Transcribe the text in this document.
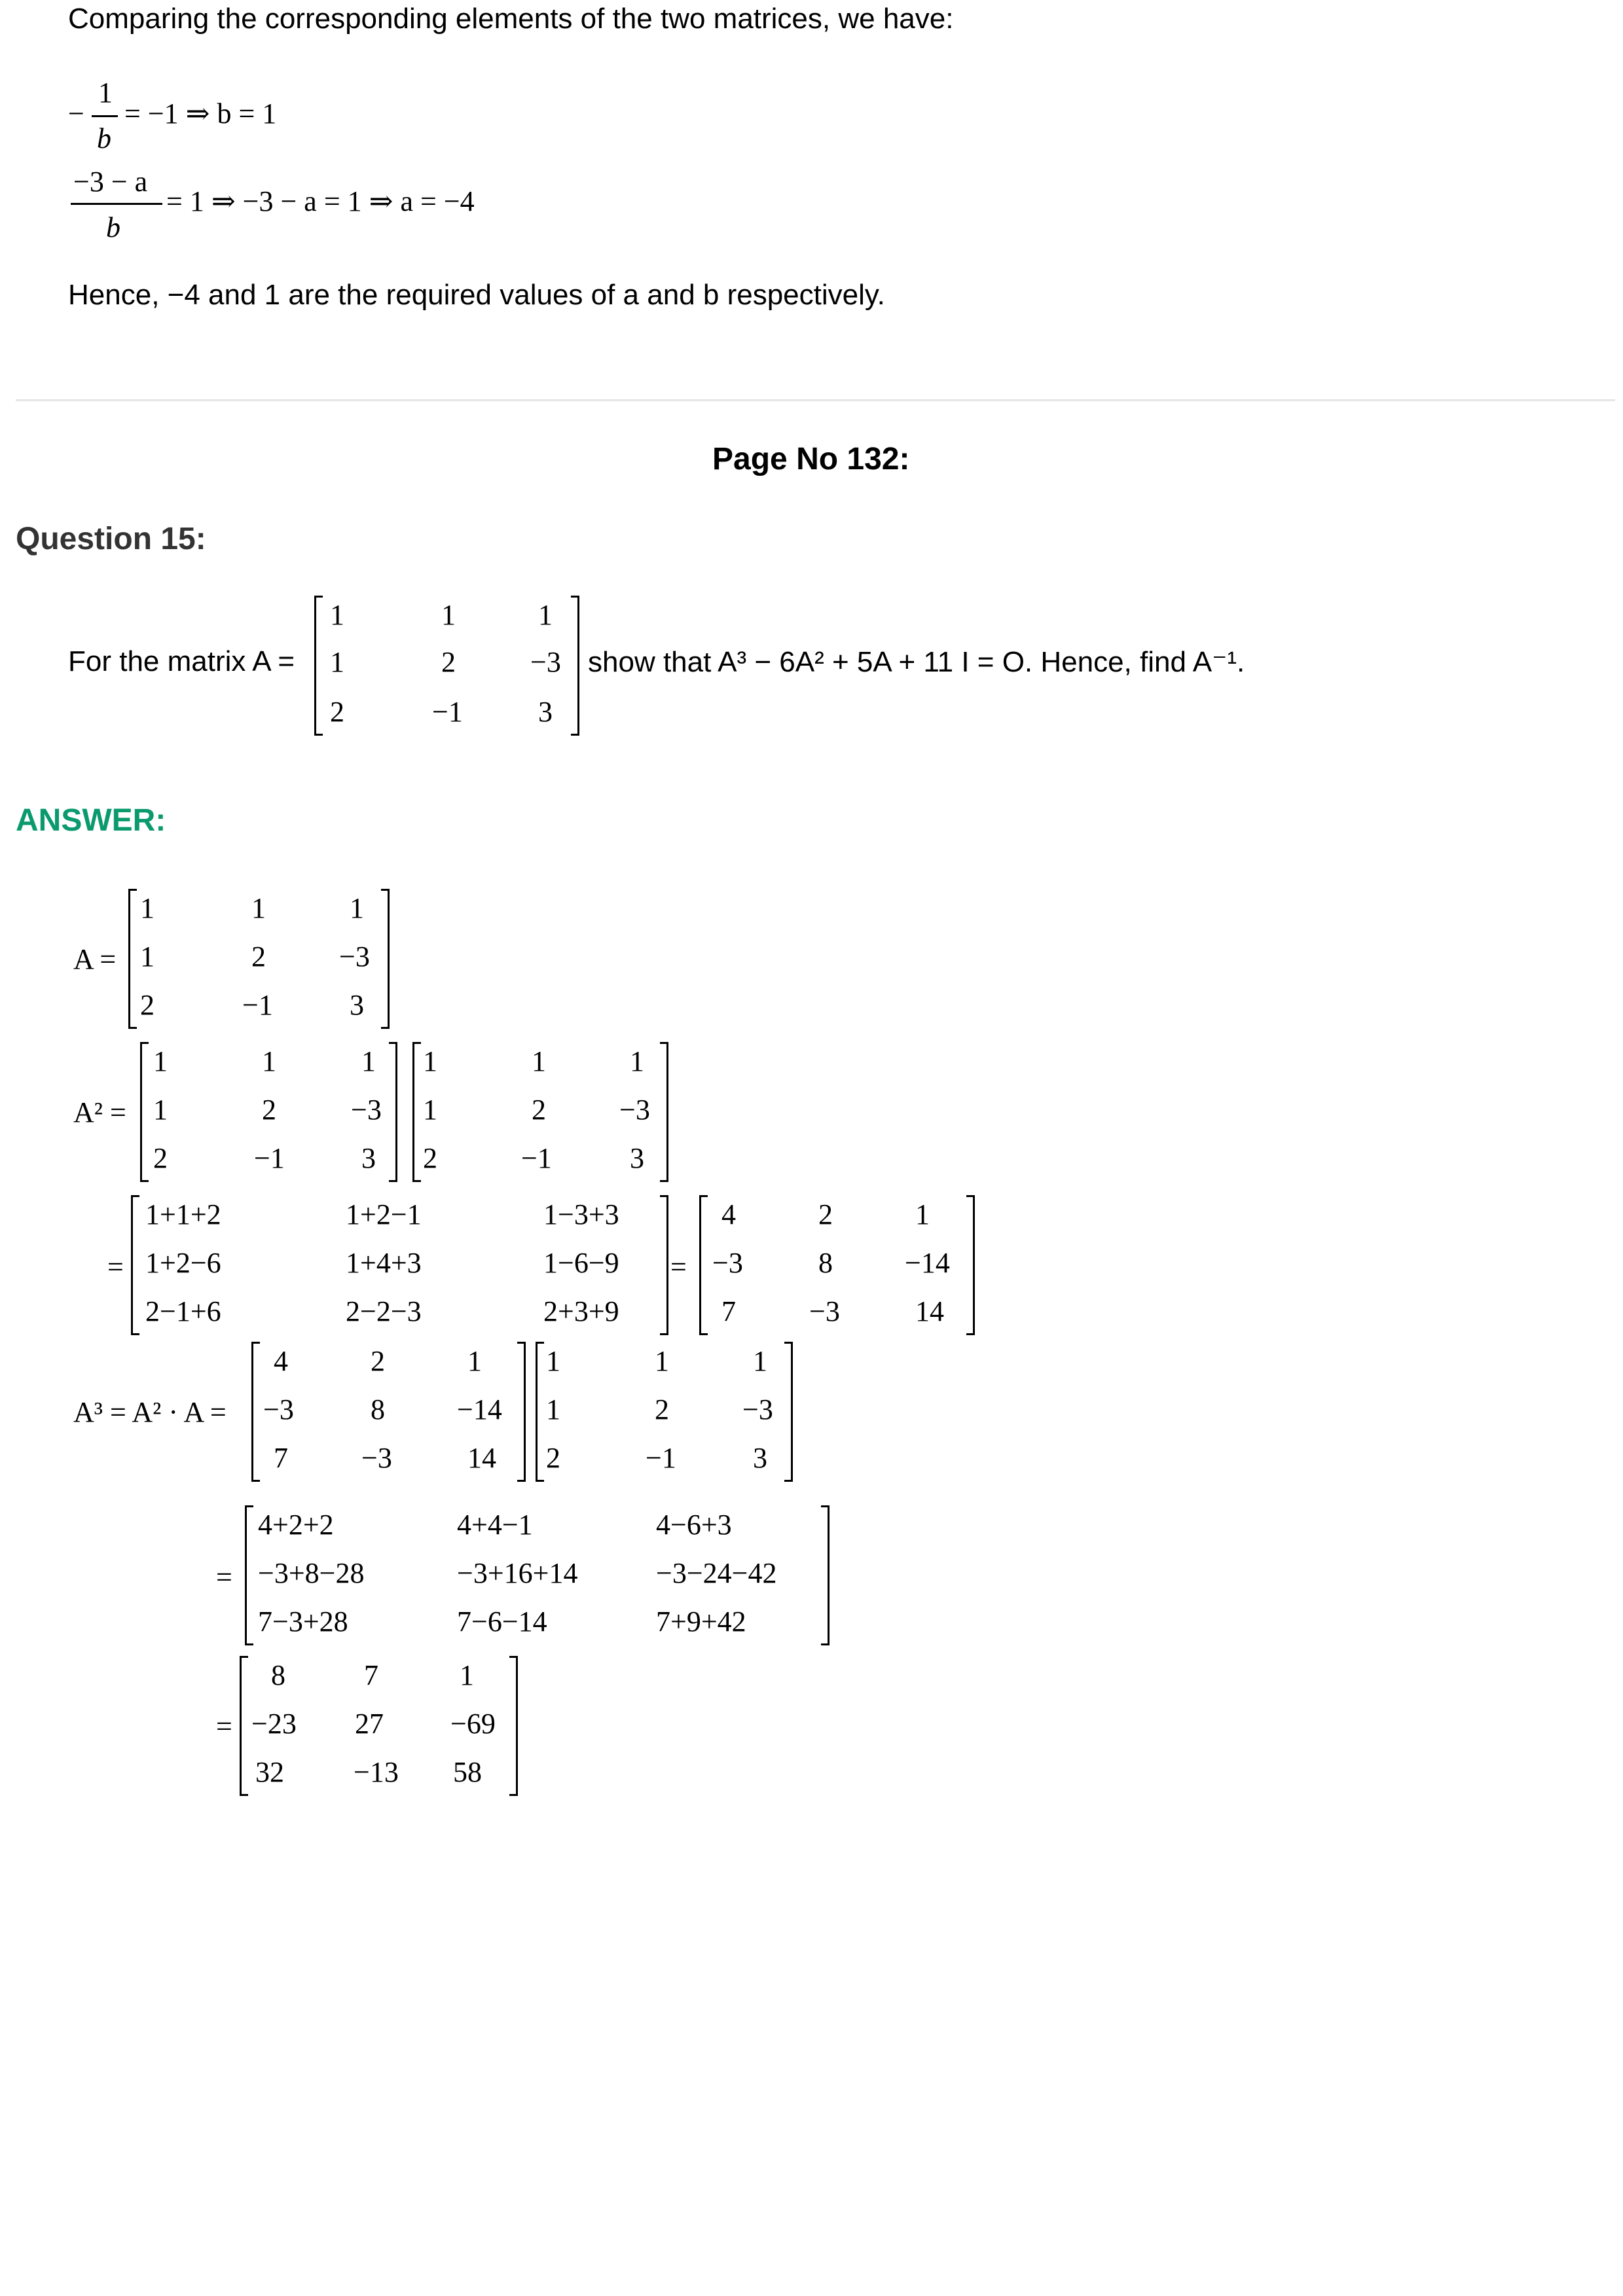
Comparing the corresponding elements of the two matrices, we have:
−
1
b
= −1 ⇒ b = 1
−3 − a
b
= 1 ⇒ −3 − a = 1 ⇒ a = −4
Hence, −4 and 1 are the required values of a and b respectively.
Page No 132:
Question 15:
For the matrix A =
1	1	1
1	2	−3
2	−1	3
show that A³ − 6A² + 5A + 11 I = O. Hence, find A⁻¹.
ANSWER:
A =
1	1	1
1	2	−3
2	−1	3
A² =
1	1	1
1	2	−3
2	−1	3
1	1	1
1	2	−3
2	−1	3
=
1+1+2	1+2−1	1−3+3
1+2−6	1+4+3	1−6−9
2−1+6	2−2−3	2+3+9
=
4	2	1
−3	8	−14
7	−3	14
A³ = A² · A =
4	2	1
−3	8	−14
7	−3	14
1	1	1
1	2	−3
2	−1	3
=
4+2+2	4+4−1	4−6+3
−3+8−28	−3+16+14	−3−24−42
7−3+28	7−6−14	7+9+42
=
8	7	1
−23 27 −69
32 −13 58
